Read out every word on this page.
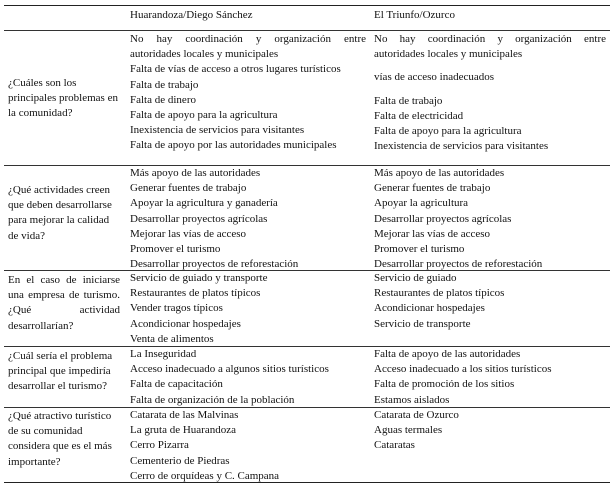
Huarandoza/Diego Sánchez	El Triunfo/Ozurco
¿Cuáles son los principales problemas en la comunidad?
No hay coordinación y organización entre autoridades locales y municipales
Falta de vías de acceso a otros lugares turísticos
Falta de trabajo
Falta de dinero
Falta de apoyo para la agricultura
Inexistencia de servicios para visitantes
Falta de apoyo por las autoridades municipales
No hay coordinación y organización entre autoridades locales y municipales
vías de acceso inadecuados
Falta de trabajo
Falta de electricidad
Falta de apoyo para la agricultura
Inexistencia de servicios para visitantes
¿Qué actividades creen que deben desarrollarse para mejorar la calidad de vida?
Más apoyo de las autoridades
Generar fuentes de trabajo
Apoyar la agricultura y ganadería
Desarrollar proyectos agrícolas
Mejorar las vías de acceso
Promover el turismo
Desarrollar proyectos de reforestación
Más apoyo de las autoridades
Generar fuentes de trabajo
Apoyar la agricultura
Desarrollar proyectos agrícolas
Mejorar las vías de acceso
Promover el turismo
Desarrollar proyectos de reforestación
En el caso de iniciarse una empresa de turismo. ¿Qué actividad desarrollarían?
Servicio de guiado y transporte
Restaurantes de platos típicos
Vender tragos típicos
Acondicionar hospedajes
Venta de alimentos
Servicio de guiado
Restaurantes de platos típicos
Acondicionar hospedajes
Servicio de transporte
¿Cuál sería el problema principal que impediría desarrollar el turismo?
La Inseguridad
Acceso inadecuado a algunos sitios turísticos
Falta de capacitación
Falta de organización de la población
Falta de apoyo de las autoridades
Acceso inadecuado a los sitios turísticos
Falta de promoción de los sitios
Estamos aislados
¿Qué atractivo turístico de su comunidad considera que es el más importante?
Catarata de las Malvinas
La gruta de Huarandoza
Cerro Pizarra
Cementerio de Piedras
Cerro de orquídeas y C. Campana
Catarata de Ozurco
Aguas termales
Cataratas
